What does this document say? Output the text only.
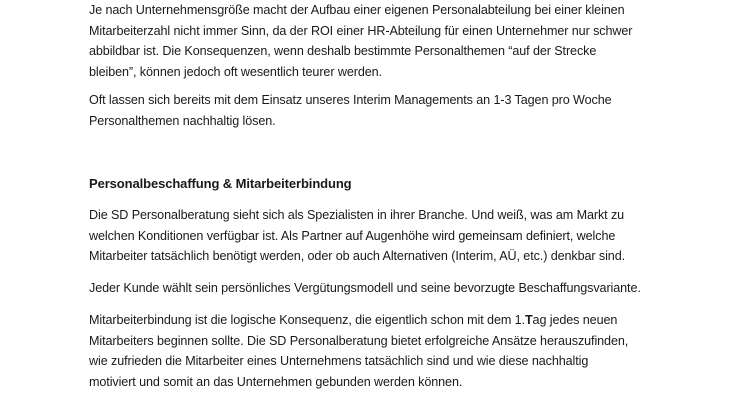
Je nach Unternehmensgröße macht der Aufbau einer eigenen Personalabteilung bei einer kleinen
Mitarbeiterzahl nicht immer Sinn, da der ROI einer HR-Abteilung für einen Unternehmer nur schwer
abbildbar ist. Die Konsequenzen, wenn deshalb bestimmte Personalthemen “auf der Strecke
bleiben”, können jedoch oft wesentlich teurer werden.

Oft lassen sich bereits mit dem Einsatz unseres Interim Managements an 1-3 Tagen pro Woche
Personalthemen nachhaltig lösen.

Personalbeschaffung & Mitarbeiterbindung

Die SD Personalberatung sieht sich als Spezialisten in ihrer Branche. Und weiß, was am Markt zu
welchen Konditionen verfügbar ist. Als Partner auf Augenhöhe wird gemeinsam definiert, welche
Mitarbeiter tatsächlich benötigt werden, oder ob auch Alternativen (Interim, AÜ, etc.) denkbar sind.

Jeder Kunde wählt sein persönliches Vergütungsmodell und seine bevorzugte Beschaffungsvariante.

Mitarbeiterbindung ist die logische Konsequenz, die eigentlich schon mit dem 1.Tag jedes neuen
Mitarbeiters beginnen sollte. Die SD Personalberatung bietet erfolgreiche Ansätze herauszufinden,
wie zufrieden die Mitarbeiter eines Unternehmens tatsächlich sind und wie diese nachhaltig
motiviert und somit an das Unternehmen gebunden werden können.
